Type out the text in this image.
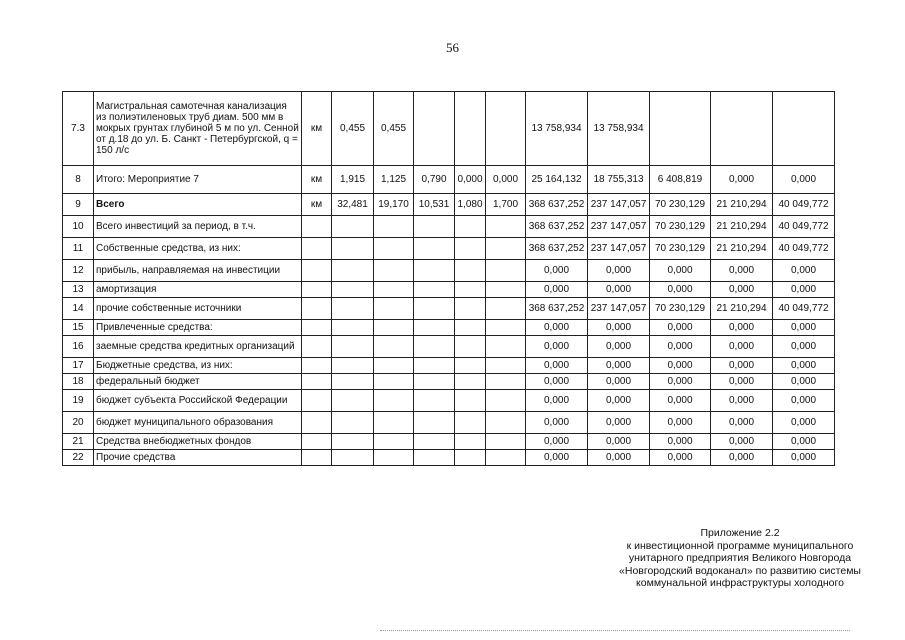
56
7.3	Магистральная самотечная канализация из полиэтиленовых труб диам. 500 мм в мокрых грунтах глубиной 5 м по ул. Сенной от д.18 до ул. Б. Санкт - Петербургской, q = 150 л/с	км	0,455	0,455				13 758,934	13 758,934			
8	Итого: Мероприятие 7	км	1,915	1,125	0,790	0,000	0,000	25 164,132	18 755,313	6 408,819	0,000	0,000
9	Всего	км	32,481	19,170	10,531	1,080	1,700	368 637,252	237 147,057	70 230,129	21 210,294	40 049,772
10	Всего инвестиций за период, в т.ч.							368 637,252	237 147,057	70 230,129	21 210,294	40 049,772
11	Собственные средства, из них:							368 637,252	237 147,057	70 230,129	21 210,294	40 049,772
12	прибыль, направляемая на инвестиции							0,000	0,000	0,000	0,000	0,000
13	амортизация							0,000	0,000	0,000	0,000	0,000
14	прочие собственные источники							368 637,252	237 147,057	70 230,129	21 210,294	40 049,772
15	Привлеченные средства:							0,000	0,000	0,000	0,000	0,000
16	заемные средства кредитных организаций							0,000	0,000	0,000	0,000	0,000
17	Бюджетные средства, из них:							0,000	0,000	0,000	0,000	0,000
18	федеральный бюджет							0,000	0,000	0,000	0,000	0,000
19	бюджет субъекта Российской Федерации							0,000	0,000	0,000	0,000	0,000
20	бюджет муниципального образования							0,000	0,000	0,000	0,000	0,000
21	Средства внебюджетных фондов							0,000	0,000	0,000	0,000	0,000
22	Прочие средства							0,000	0,000	0,000	0,000	0,000
Приложение 2.2
к инвестиционной программе муниципального
унитарного предприятия Великого Новгорода
«Новгородский водоканал» по развитию системы
коммунальной инфраструктуры холодного
